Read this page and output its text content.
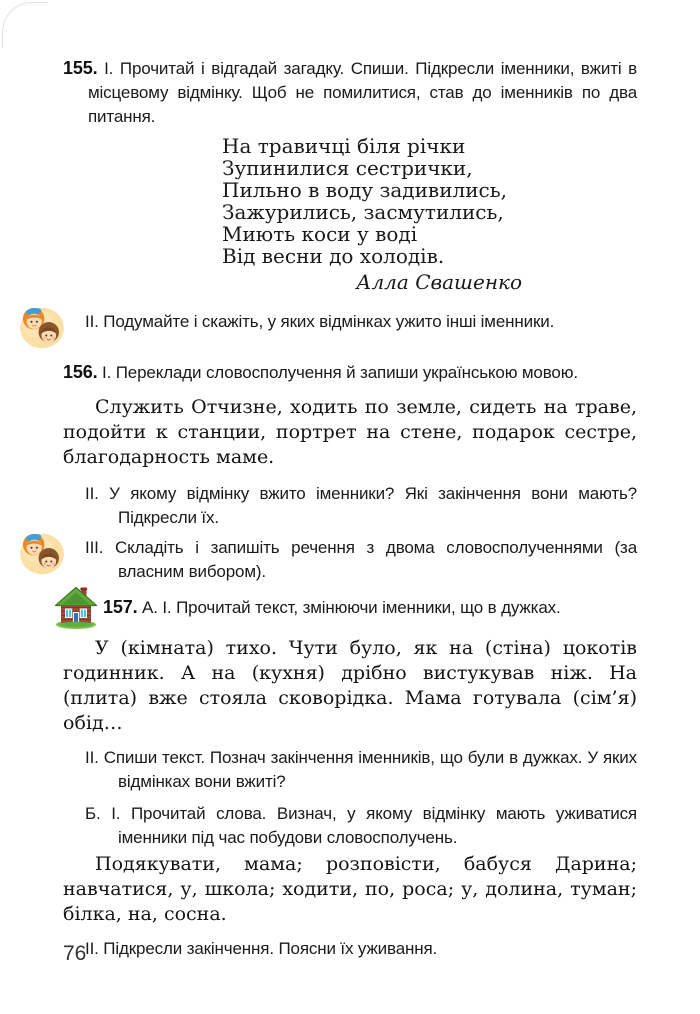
155. І. Прочитай і відгадай загадку. Спиши. Підкресли іменники, вжиті в місцевому відмінку. Щоб не помилитися, став до іменників по два питання.

На травичці біля річки
Зупинилися сестрички,
Пильно в воду задивились,
Зажурились, засмутились,
Миють коси у воді
Від весни до холодів.
Алла Свашенко
ІІ. Подумайте і скажіть, у яких відмінках ужито інші іменники.

156. І. Переклади словосполучення й запиши українською мовою.

Служить Отчизне, ходить по земле, сидеть на траве, подойти к станции, портрет на стене, подарок сестре, благодарность маме.

ІІ. У якому відмінку вжито іменники? Які закінчення вони мають? Підкресли їх.
ІІІ. Складіть і запишіть речення з двома словосполученнями (за власним вибором).

157. А. І. Прочитай текст, змінюючи іменники, що в дужках.

У (кімната) тихо. Чути було, як на (стіна) цокотів годинник. А на (кухня) дрібно вистукував ніж. На (плита) вже стояла сковорідка. Мама готувала (сім’я) обід…

ІІ. Спиши текст. Познач закінчення іменників, що були в дужках. У яких відмінках вони вжиті?
Б. І. Прочитай слова. Визнач, у якому відмінку мають уживатися іменники під час побудови словосполучень.

Подякувати, мама; розповісти, бабуся Дарина; навчатися, у, школа; ходити, по, роса; у, долина, туман; білка, на, сосна.

ІІ. Підкресли закінчення. Поясни їх уживання.
76
